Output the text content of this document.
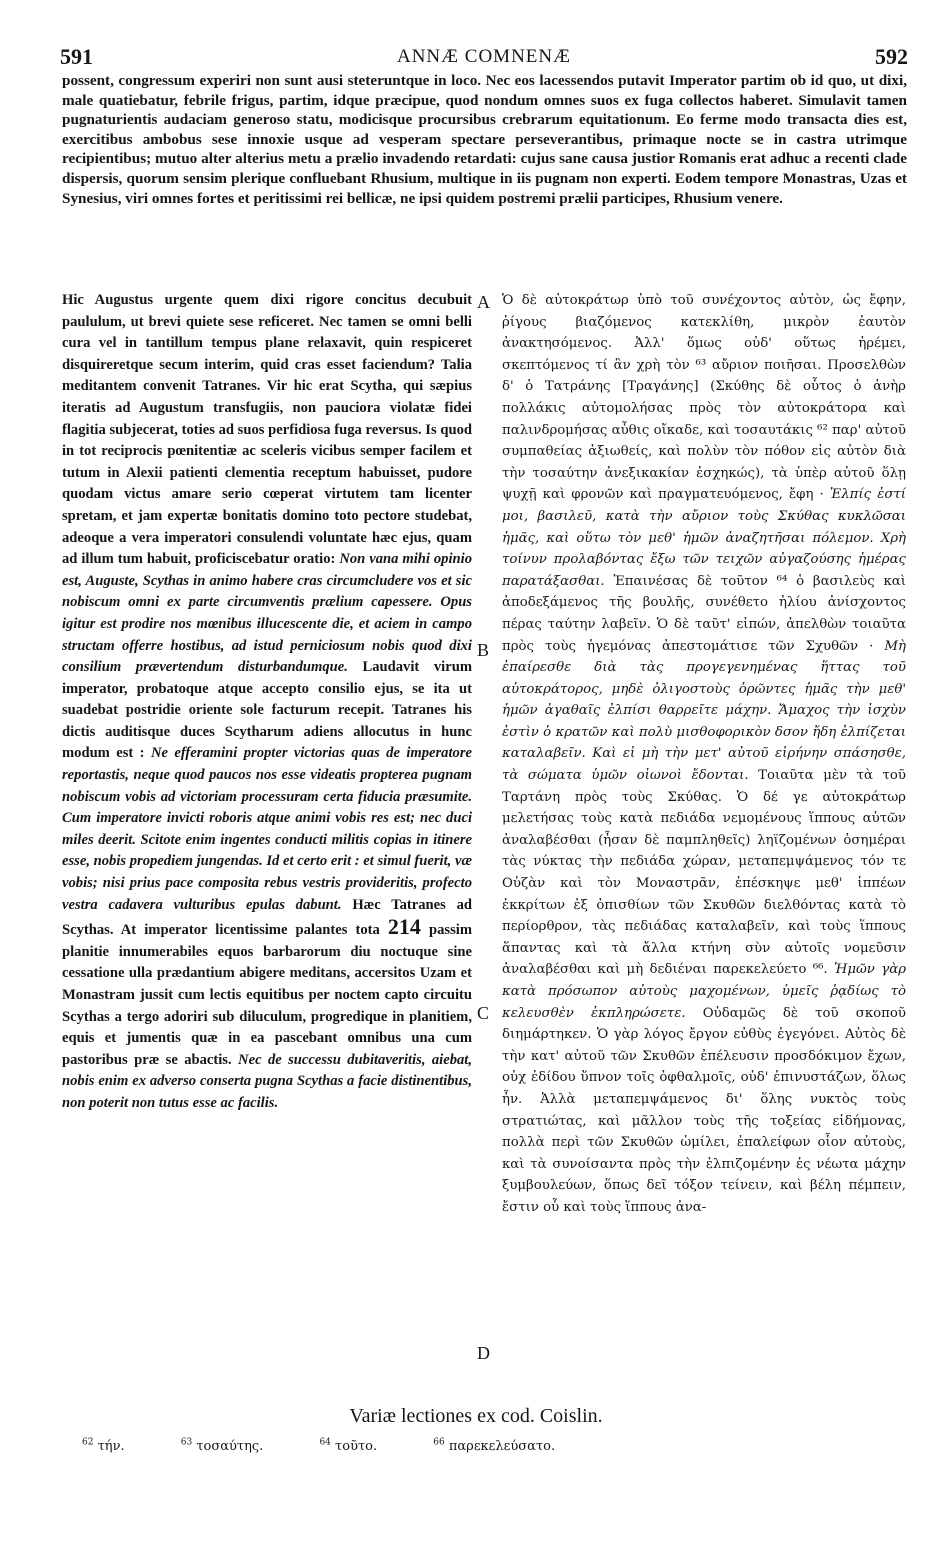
591	ANNÆ COMNENÆ	592

possent, congressum experiri non sunt ausi steteruntque in loco. Nec eos lacessendos putavit Imperator partim ob id quo, ut dixi, male quatiebatur, febrile frigus, partim, idque præcipue, quod nondum omnes suos ex fuga collectos haberet. Simulavit tamen pugnaturientis audaciam generoso statu, modicisque procursibus crebrarum equitationum. Eo ferme modo transacta dies est, exercitibus ambobus sese innoxie usque ad vesperam spectare perseverantibus, primaque nocte se in castra utrimque recipientibus; mutuo alter alterius metu a prælio invadendo retardati: cujus sane causa justior Romanis erat adhuc a recenti clade dispersis, quorum sensim plerique confluebant Rhusium, multique in iis pugnam non experti. Eodem tempore Monastras, Uzas et Synesius, viri omnes fortes et peritissimi rei bellicæ, ne ipsi quidem postremi prælii participes, Rhusium venere.

Hic Augustus urgente quem dixi rigore concitus decubuit paululum, ut brevi quiete sese reficeret. Nec tamen se omni belli cura vel in tantillum tempus plane relaxavit, quin respiceret disquireretque secum interim, quid cras esset faciendum? Talia meditantem convenit Tatranes. Vir hic erat Scytha, qui sæpius iteratis ad Augustum transfugiis, non pauciora violatæ fidei flagitia subjecerat, toties ad suos perfidiosa fuga reversus. Is quod in tot reciprocis pœnitentiæ ac sceleris vicibus semper facilem et tutum in Alexii patienti clementia receptum habuisset, pudore quodam victus amare serio cœperat virtutem tam licenter spretam, et jam expertæ bonitatis domino toto pectore studebat, adeoque a vera imperatori consulendi voluntate hæc ejus, quam ad illum tum habuit, proficiscebatur oratio: Non vana mihi opinio est, Auguste, Scythas in animo habere cras circumcludere vos et sic nobiscum omni ex parte circumventis prælium capessere. Opus igitur est prodire nos mœnibus illucescente die, et aciem in campo structam offerre hostibus, ad istud perniciosum nobis quod dixi consilium prævertendum disturbandumque. Laudavit virum imperator, probatoque atque accepto consilio ejus, se ita ut suadebat postridie oriente sole facturum recepit. Tatranes his dictis auditisque duces Scytharum adiens allocutus in hunc modum est : Ne efferamini propter victorias quas de imperatore reportastis, neque quod paucos nos esse videatis propterea pugnam nobiscum vobis ad victoriam processuram certa fiducia præsumite. Cum imperatore invicti roboris atque animi vobis res est; nec duci miles deerit. Scitote enim ingentes conducti militis copias in itinere esse, nobis propediem jungendas. Id et certo erit : et simul fuerit, væ vobis; nisi prius pace composita rebus vestris provideritis, profecto vestra cadavera vulturibus epulas dabunt. Hæc Tatranes ad Scythas. At imperator licentissime palantes tota 214 passim planitie innumerabiles equos barbarorum diu noctuque sine cessatione ulla prædantium abigere meditans, accersitos Uzam et Monastram jussit cum lectis equitibus per noctem capto circuitu Scythas a tergo adoriri sub diluculum, progredique in planitiem, equis et jumentis quæ in ea pascebant omnibus una cum pastoribus præ se abactis. Nec de successu dubitaveritis, aiebat, nobis enim ex adverso conserta pugna Scythas a facie distinentibus, non poterit non tutus esse ac facilis.

A
B
C
D

Ὁ δὲ αὐτοκράτωρ ὑπὸ τοῦ συνέχοντος αὐτὸν, ὡς ἔφην, ῥίγους βιαζόμενος κατεκλίθη, μικρὸν ἑαυτὸν ἀνακτησόμενος. Ἀλλ' ὅμως οὐδ' οὕτως ἠρέμει, σκεπτόμενος τί ἂν χρὴ τὸν ⁶³ αὔριον ποιῆσαι. Προσελθὼν δ' ὁ Τατράνης [Τραγάνης] (Σκύθης δὲ οὗτος ὁ ἀνὴρ πολλάκις αὐτομολήσας πρὸς τὸν αὐτοκράτορα καὶ παλινδρομήσας αὖθις οἴκαδε, καὶ τοσαυτάκις ⁶² παρ' αὐτοῦ συμπαθείας ἀξιωθείς, καὶ πολὺν τὸν πόθον εἰς αὐτὸν διὰ τὴν τοσαύτην ἀνεξικακίαν ἐσχηκώς), τὰ ὑπὲρ αὐτοῦ ὅλῃ ψυχῇ καὶ φρονῶν καὶ πραγματευόμενος, ἔφη · Ἐλπίς ἐστί μοι, βασιλεῦ, κατὰ τὴν αὔριον τοὺς Σκύθας κυκλῶσαι ἡμᾶς, καὶ οὕτω τὸν μεθ' ἡμῶν ἀναζητῆσαι πόλεμον. Χρὴ τοίνυν προλαβόντας ἔξω τῶν τειχῶν αὐγαζούσης ἡμέρας παρατάξασθαι. Ἐπαινέσας δὲ τοῦτον ⁶⁴ ὁ βασιλεὺς καὶ ἀποδεξάμενος τῆς βουλῆς, συνέθετο ἡλίου ἀνίσχοντος πέρας ταύτην λαβεῖν. Ὁ δὲ ταῦτ' εἰπών, ἀπελθὼν τοιαῦτα πρὸς τοὺς ἡγεμόνας ἀπεστομάτισε τῶν Σχυθῶν · Μὴ ἐπαίρεσθε διὰ τὰς προγεγενημένας ἥττας τοῦ αὐτοκράτορος, μηδὲ ὀλιγοστοὺς ὁρῶντες ἡμᾶς τὴν μεθ' ἡμῶν ἀγαθαῖς ἐλπίσι θαρρεῖτε μάχην. Ἄμαχος τὴν ἰσχὺν ἐστὶν ὁ κρατῶν καὶ πολὺ μισθοφορικὸν δσον ἤδη ἐλπίζεται καταλαβεῖν. Καὶ εἰ μὴ τὴν μετ' αὐτοῦ εἰρήνην σπάσησθε, τὰ σώματα ὑμῶν οἰωνοὶ ἔδονται. Τοιαῦτα μὲν τὰ τοῦ Ταρτάνη πρὸς τοὺς Σκύθας. Ὁ δέ γε αὐτοκράτωρ μελετήσας τοὺς κατὰ πεδιάδα νεμομένους ἵππους αὐτῶν ἀναλαβέσθαι (ἦσαν δὲ παμπληθεῖς) ληϊζομένων ὁσημέραι τὰς νύκτας τὴν πεδιάδα χώραν, μεταπεμψάμενος τόν τε Οὐζὰν καὶ τὸν Μοναστρᾶν, ἐπέσκηψε μεθ' ἱππέων ἐκκρίτων ἐξ ὀπισθίων τῶν Σκυθῶν διελθόντας κατὰ τὸ περίορθρον, τὰς πεδιάδας καταλαβεῖν, καὶ τοὺς ἵππους ἅπαντας καὶ τὰ ἄλλα κτήνη σὺν αὐτοῖς νομεῦσιν ἀναλαβέσθαι καὶ μὴ δεδιέναι παρεκελεύετο ⁶⁶. Ἡμῶν γὰρ κατὰ πρόσωπον αὐτοὺς μαχομένων, ὑμεῖς ῥᾳδίως τὸ κελευσθὲν ἐκπληρώσετε. Οὐδαμῶς δὲ τοῦ σκοποῦ διημάρτηκεν. Ὁ γὰρ λόγος ἔργον εὐθὺς ἐγεγόνει. Αὐτὸς δὲ τὴν κατ' αὐτοῦ τῶν Σκυθῶν ἐπέλευσιν προσδόκιμον ἔχων, οὐχ ἐδίδου ὕπνον τοῖς ὀφθαλμοῖς, οὐδ' ἐπινυστάζων, ὅλως ἦν. Ἀλλὰ μεταπεμψάμενος δι' ὅλης νυκτὸς τοὺς στρατιώτας, καὶ μᾶλλον τοὺς τῆς τοξείας εἰδήμονας, πολλὰ περὶ τῶν Σκυθῶν ὡμίλει, ἐπαλείφων οἷον αὐτοὺς, καὶ τὰ συνοίσαντα πρὸς τὴν ἐλπιζομένην ἐς νέωτα μάχην ξυμβουλεύων, ὅπως δεῖ τόξον τείνειν, καὶ βέλη πέμπειν, ἔστιν οὗ καὶ τοὺς ἵππους ἀνα-

Variæ lectiones ex cod. Coislin.
$^{62}$ τήν.	$^{63}$ τοσαύτης.	$^{64}$ τοῦτο.	$^{66}$ παρεκελεύσατο.
